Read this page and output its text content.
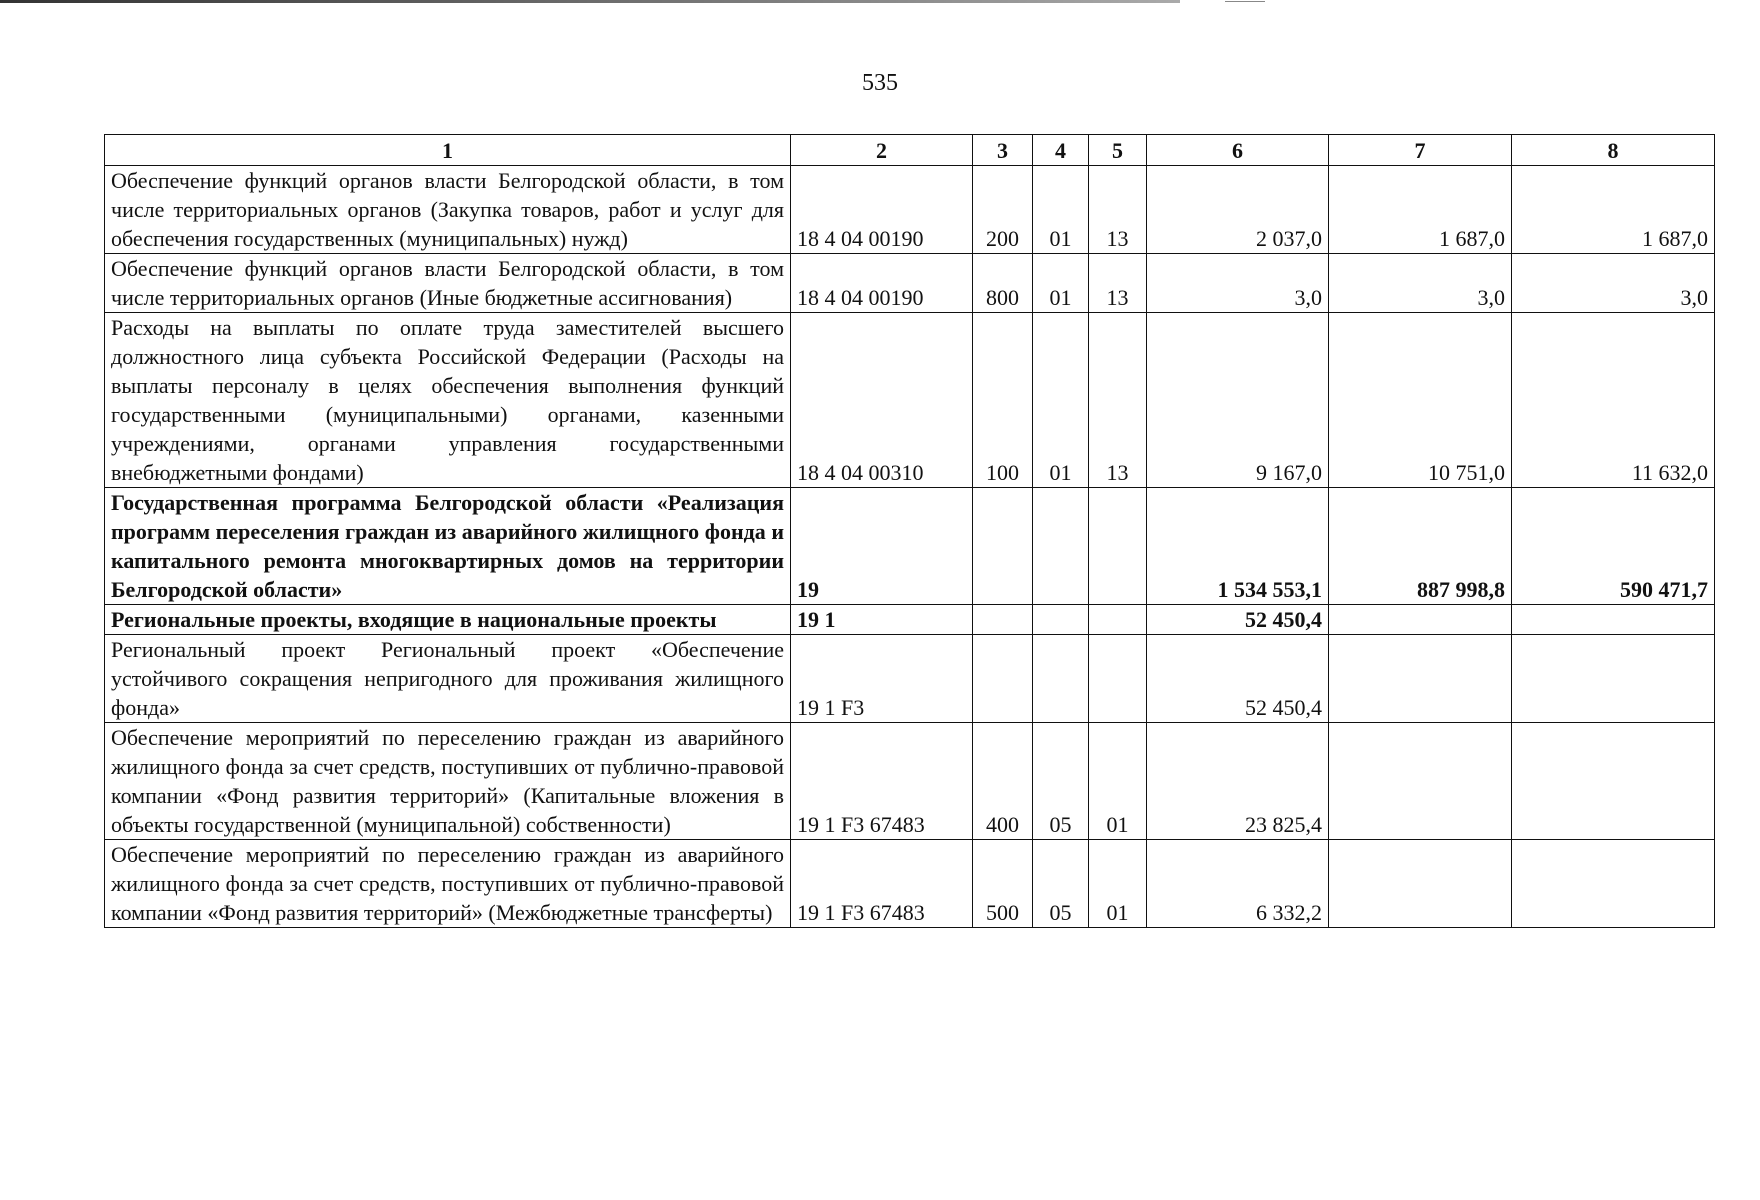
535
1	2	3	4	5	6	7	8
Обеспечение функций органов власти Белгородской области, в том числе территориальных органов (Закупка товаров, работ и услуг для обеспечения государственных (муниципальных) нужд)	18 4 04 00190	200	01	13	2 037,0	1 687,0	1 687,0
Обеспечение функций органов власти Белгородской области, в том числе территориальных органов (Иные бюджетные ассигнования)	18 4 04 00190	800	01	13	3,0	3,0	3,0
Расходы на выплаты по оплате труда заместителей высшего должностного лица субъекта Российской Федерации (Расходы на выплаты персоналу в целях обеспечения выполнения функций государственными (муниципальными) органами, казенными учреждениями, органами управления государственными внебюджетными фондами)	18 4 04 00310	100	01	13	9 167,0	10 751,0	11 632,0
Государственная программа Белгородской области «Реализация программ переселения граждан из аварийного жилищного фонда и капитального ремонта многоквартирных домов на территории Белгородской области»	19				1 534 553,1	887 998,8	590 471,7
Региональные проекты, входящие в национальные проекты	19 1				52 450,4		
Региональный проект Региональный проект «Обеспечение устойчивого сокращения непригодного для проживания жилищного фонда»	19 1 F3				52 450,4		
Обеспечение мероприятий по переселению граждан из аварийного жилищного фонда за счет средств, поступивших от публично-правовой компании «Фонд развития территорий» (Капитальные вложения в объекты государственной (муниципальной) собственности)	19 1 F3 67483	400	05	01	23 825,4		
Обеспечение мероприятий по переселению граждан из аварийного жилищного фонда за счет средств, поступивших от публично-правовой компании «Фонд развития территорий» (Межбюджетные трансферты)	19 1 F3 67483	500	05	01	6 332,2		
